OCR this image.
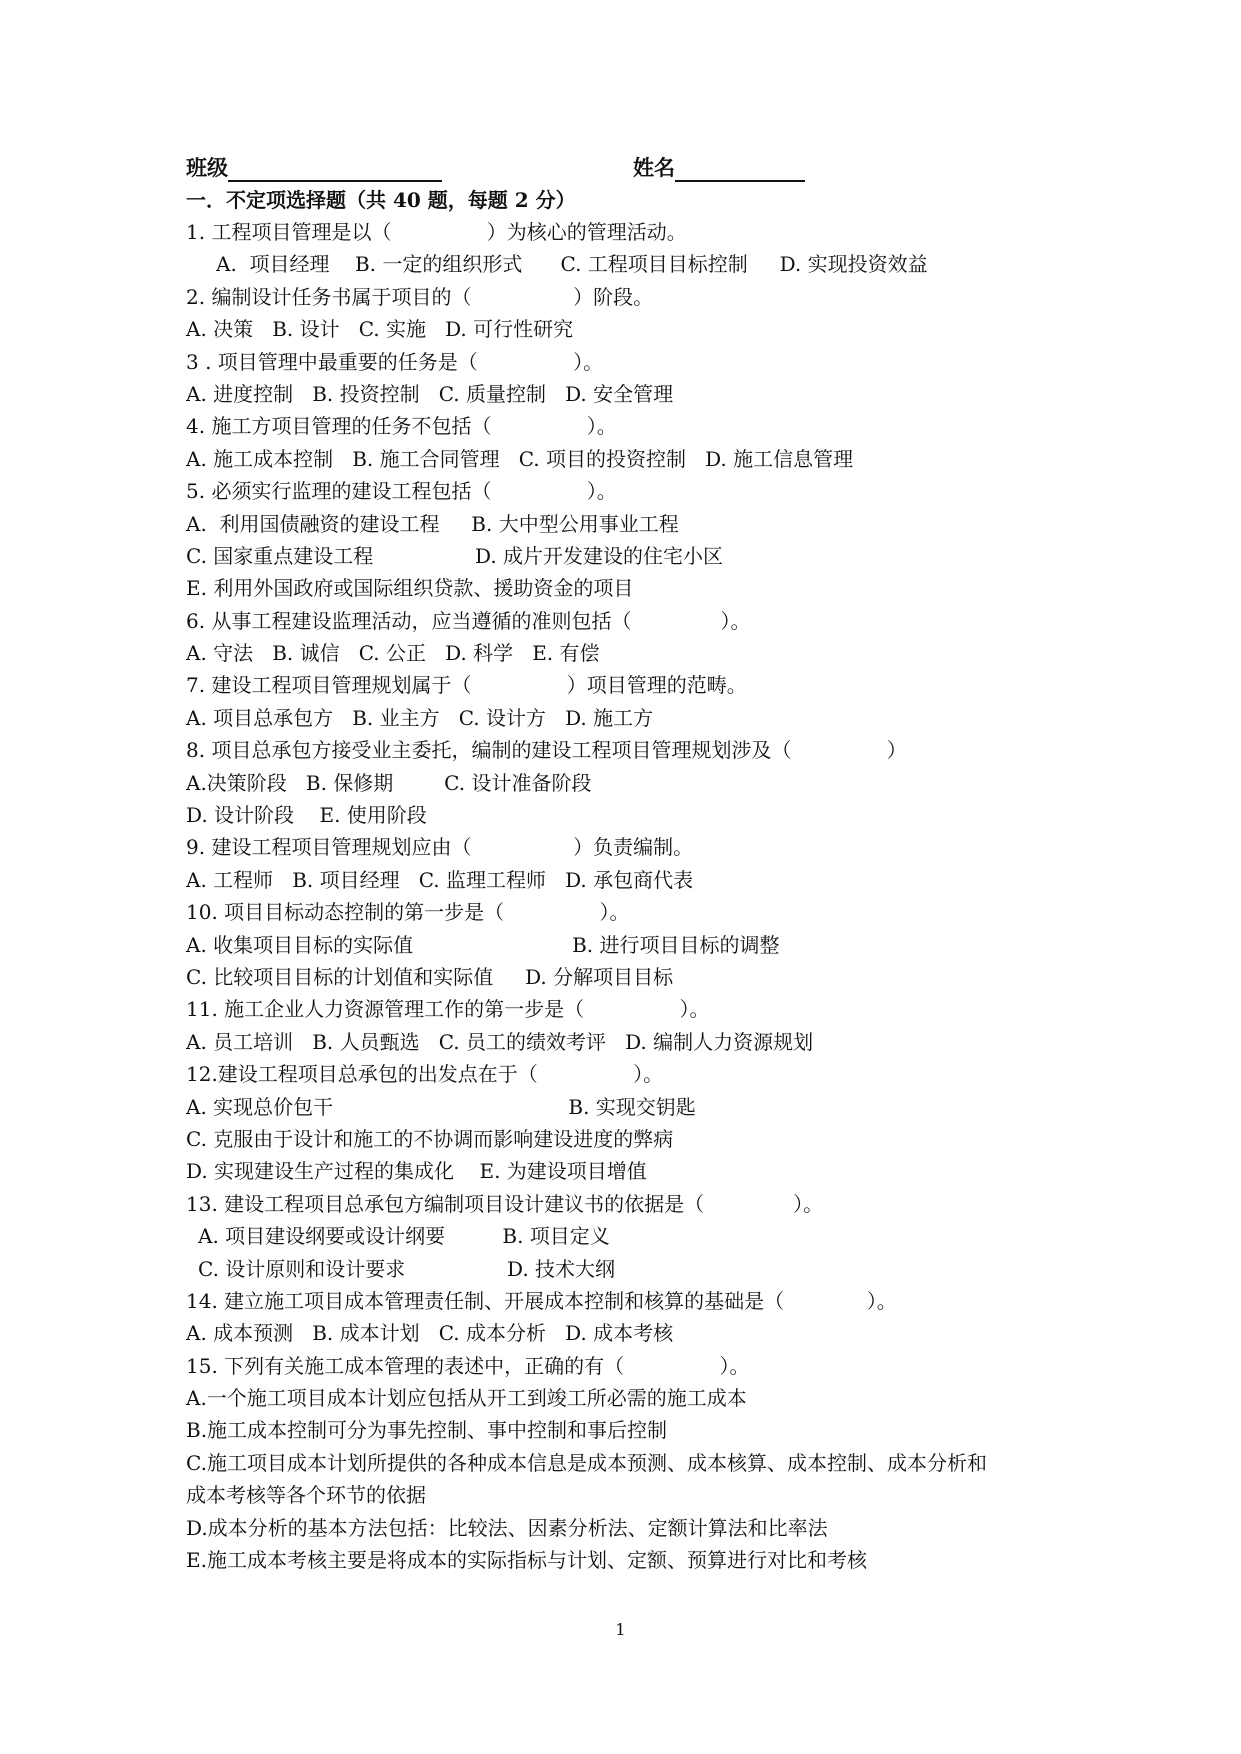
班级	姓名
一．不定项选择题（共 40 题，每题 2 分）
1. 工程项目管理是以（               ）为核心的管理活动。
A.  项目经理    B. 一定的组织形式      C. 工程项目目标控制     D. 实现投资效益
2. 编制设计任务书属于项目的（                ）阶段。
A. 决策   B. 设计   C. 实施   D. 可行性研究
3 . 项目管理中最重要的任务是（               ）。
A. 进度控制   B. 投资控制   C. 质量控制   D. 安全管理
4. 施工方项目管理的任务不包括（               ）。
A. 施工成本控制   B. 施工合同管理   C. 项目的投资控制   D. 施工信息管理
5. 必须实行监理的建设工程包括（               ）。
A.  利用国债融资的建设工程     B. 大中型公用事业工程
C. 国家重点建设工程                D. 成片开发建设的住宅小区
E. 利用外国政府或国际组织贷款、援助资金的项目
6. 从事工程建设监理活动，应当遵循的准则包括（              ）。
A. 守法   B. 诚信   C. 公正   D. 科学   E. 有偿
7. 建设工程项目管理规划属于（               ）项目管理的范畴。
A. 项目总承包方   B. 业主方   C. 设计方   D. 施工方
8. 项目总承包方接受业主委托，编制的建设工程项目管理规划涉及（               ）
A.决策阶段   B. 保修期        C. 设计准备阶段
D. 设计阶段    E. 使用阶段
9. 建设工程项目管理规划应由（                ）负责编制。
A. 工程师   B. 项目经理   C. 监理工程师   D. 承包商代表
10. 项目目标动态控制的第一步是（               ）。
A. 收集项目目标的实际值                         B. 进行项目目标的调整
C. 比较项目目标的计划值和实际值     D. 分解项目目标
11. 施工企业人力资源管理工作的第一步是（               ）。
A. 员工培训   B. 人员甄选   C. 员工的绩效考评   D. 编制人力资源规划
12.建设工程项目总承包的出发点在于（               ）。
A. 实现总价包干                                     B. 实现交钥匙
C. 克服由于设计和施工的不协调而影响建设进度的弊病
D. 实现建设生产过程的集成化    E. 为建设项目增值
13. 建设工程项目总承包方编制项目设计建议书的依据是（              ）。
A. 项目建设纲要或设计纲要         B. 项目定义
C. 设计原则和设计要求                D. 技术大纲
14. 建立施工项目成本管理责任制、开展成本控制和核算的基础是（             ）。
A. 成本预测   B. 成本计划   C. 成本分析   D. 成本考核
15. 下列有关施工成本管理的表述中，正确的有（               ）。
A.一个施工项目成本计划应包括从开工到竣工所必需的施工成本
B.施工成本控制可分为事先控制、事中控制和事后控制
C.施工项目成本计划所提供的各种成本信息是成本预测、成本核算、成本控制、成本分析和
成本考核等各个环节的依据
D.成本分析的基本方法包括：比较法、因素分析法、定额计算法和比率法
E.施工成本考核主要是将成本的实际指标与计划、定额、预算进行对比和考核
1
